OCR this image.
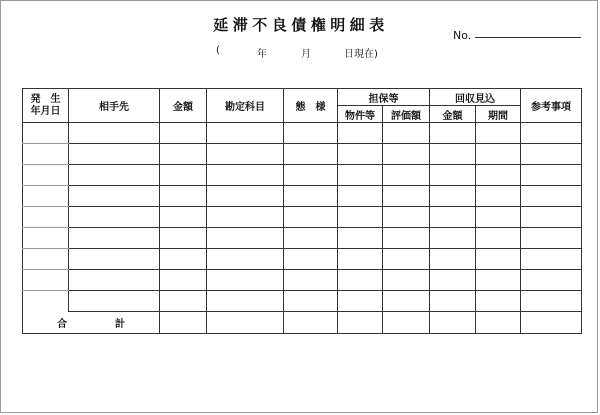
延滞不良債権明細表
(	年	月	日現在)
No.
発　生
年月日	相手先	金額	勘定科目	態　様	担保等		回収見込		参考事項
					物件等	評価額	金額	期間	

合 計									
